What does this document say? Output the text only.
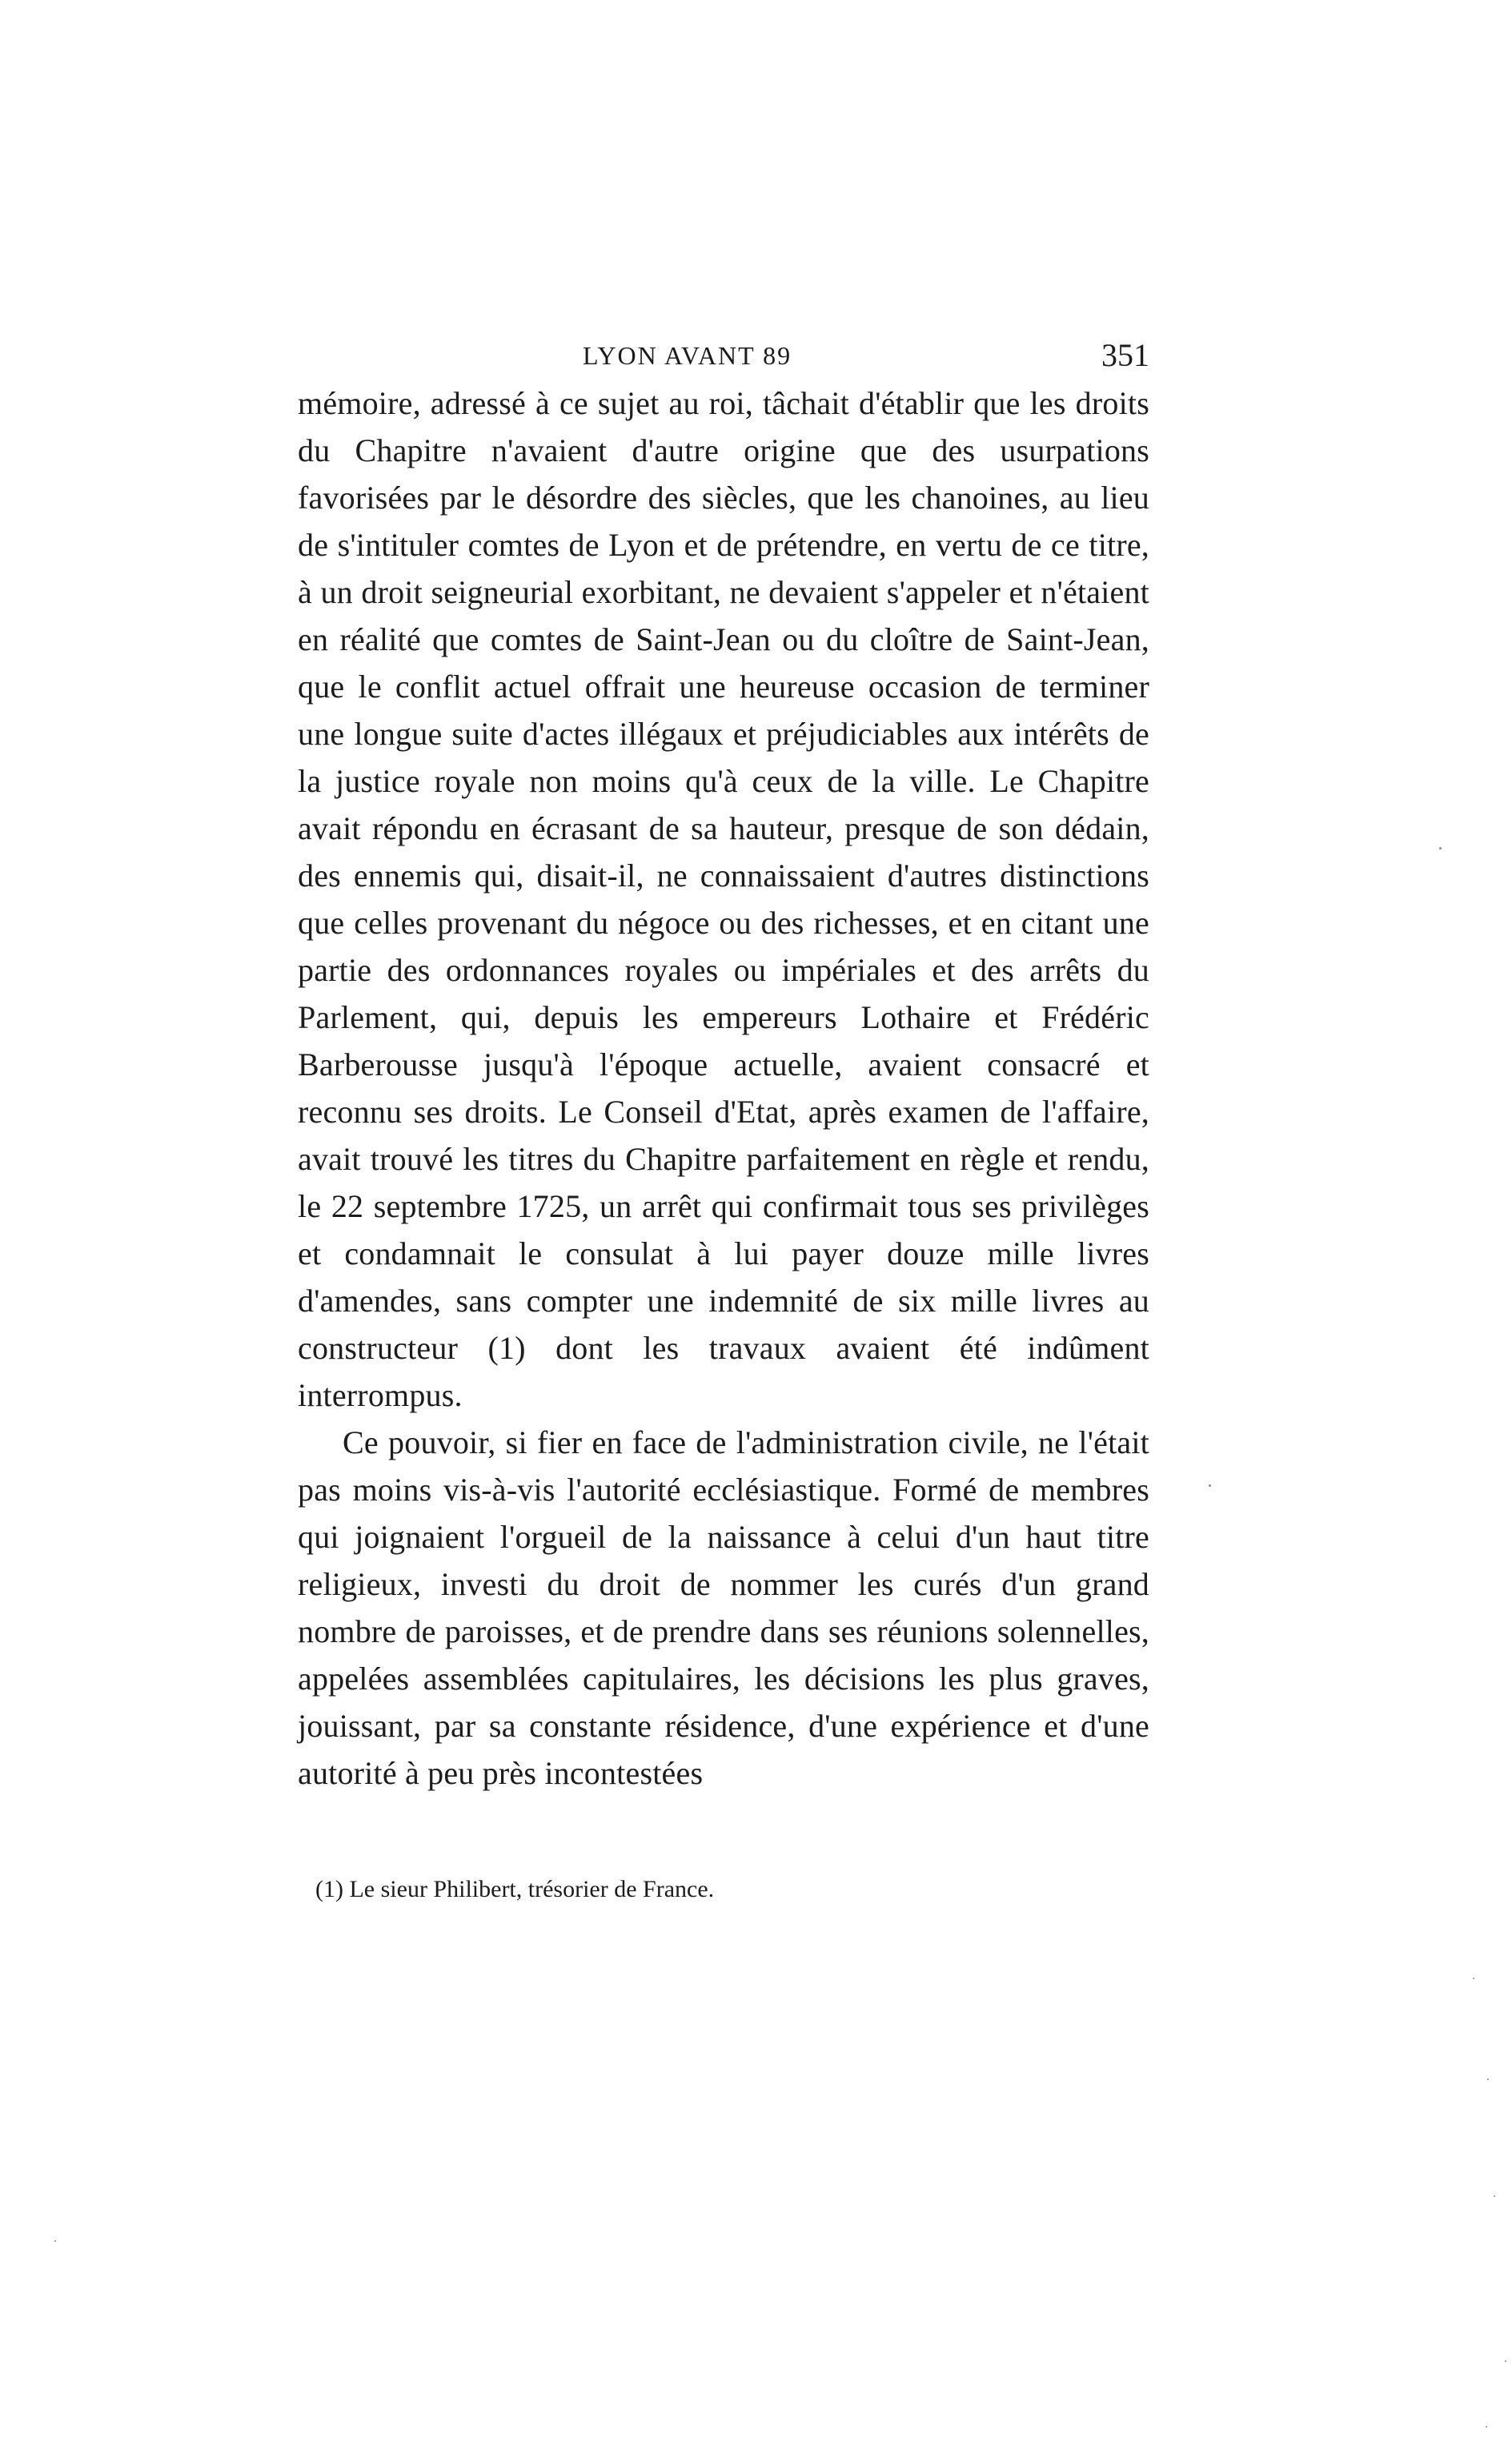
LYON AVANT 89	351

mémoire, adressé à ce sujet au roi, tâchait d'établir que les droits du Chapitre n'avaient d'autre origine que des usurpations favorisées par le désordre des siècles, que les chanoines, au lieu de s'intituler comtes de Lyon et de prétendre, en vertu de ce titre, à un droit seigneurial exorbitant, ne devaient s'appeler et n'étaient en réalité que comtes de Saint-Jean ou du cloître de Saint-Jean, que le conflit actuel offrait une heureuse occasion de terminer une longue suite d'actes illégaux et préjudiciables aux intérêts de la justice royale non moins qu'à ceux de la ville. Le Chapitre avait répondu en écrasant de sa hauteur, presque de son dédain, des ennemis qui, disait-il, ne connaissaient d'autres distinctions que celles provenant du négoce ou des richesses, et en citant une partie des ordonnances royales ou impériales et des arrêts du Parlement, qui, depuis les empereurs Lothaire et Frédéric Barberousse jusqu'à l'époque actuelle, avaient consacré et reconnu ses droits. Le Conseil d'Etat, après examen de l'affaire, avait trouvé les titres du Chapitre parfaitement en règle et rendu, le 22 septembre 1725, un arrêt qui confirmait tous ses privilèges et condamnait le consulat à lui payer douze mille livres d'amendes, sans compter une indemnité de six mille livres au constructeur (1) dont les travaux avaient été indûment interrompus.

Ce pouvoir, si fier en face de l'administration civile, ne l'était pas moins vis-à-vis l'autorité ecclésiastique. Formé de membres qui joignaient l'orgueil de la naissance à celui d'un haut titre religieux, investi du droit de nommer les curés d'un grand nombre de paroisses, et de prendre dans ses réunions solennelles, appelées assemblées capitulaires, les décisions les plus graves, jouissant, par sa constante résidence, d'une expérience et d'une autorité à peu près incontestées

(1) Le sieur Philibert, trésorier de France.
